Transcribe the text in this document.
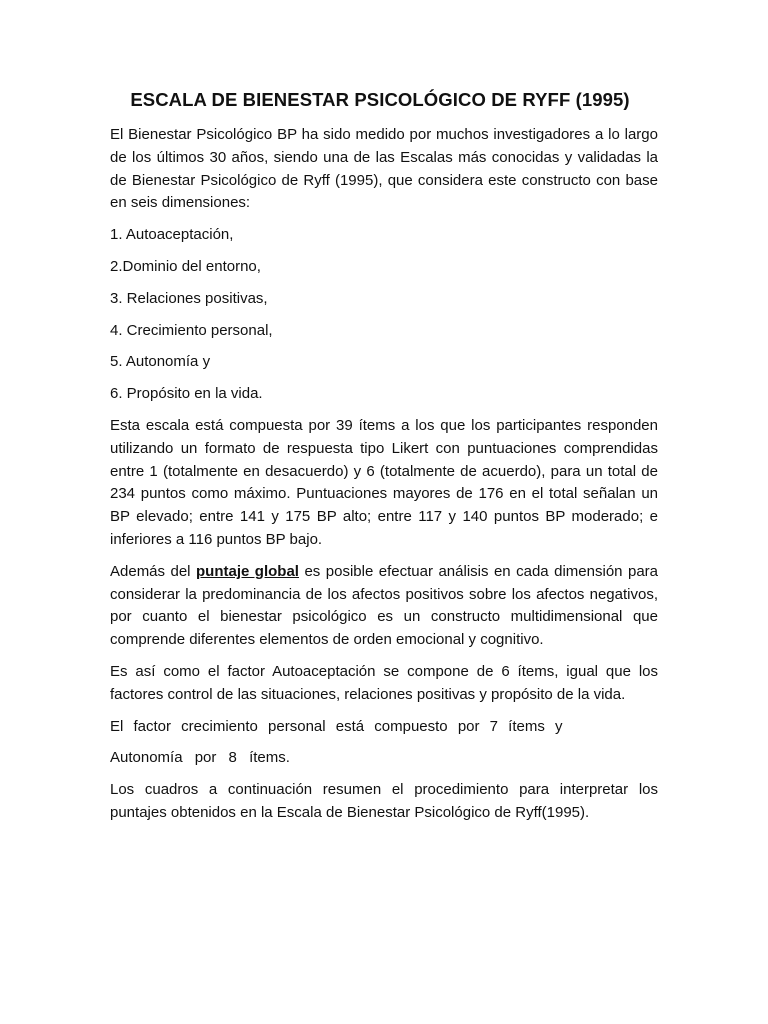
ESCALA DE BIENESTAR PSICOLÓGICO DE RYFF (1995)

El Bienestar Psicológico BP ha sido medido por muchos investigadores a lo largo de los últimos 30 años, siendo una de las Escalas más conocidas y validadas la de Bienestar Psicológico de Ryff (1995), que considera este constructo con base en seis dimensiones:

1. Autoaceptación,

2.Dominio del entorno,

3. Relaciones positivas,

4. Crecimiento personal,

5. Autonomía y

6. Propósito en la vida.

Esta escala está compuesta por 39 ítems a los que los participantes responden utilizando un formato de respuesta tipo Likert con puntuaciones comprendidas entre 1 (totalmente en desacuerdo) y 6 (totalmente de acuerdo), para un total de 234 puntos como máximo. Puntuaciones mayores de 176 en el total señalan un BP elevado; entre 141 y 175 BP alto; entre 117 y 140 puntos BP moderado; e inferiores a 116 puntos BP bajo.

Además del puntaje global es posible efectuar análisis en cada dimensión para considerar la predominancia de los afectos positivos sobre los afectos negativos, por cuanto el bienestar psicológico es un constructo multidimensional que comprende diferentes elementos de orden emocional y cognitivo.

Es así como el factor Autoaceptación se compone de 6 ítems, igual que los factores control de las situaciones, relaciones positivas y propósito de la vida.

El factor crecimiento personal está compuesto por 7 ítems y

Autonomía por 8 ítems.

Los cuadros a continuación resumen el procedimiento para interpretar los puntajes obtenidos en la Escala de Bienestar Psicológico de Ryff(1995).
